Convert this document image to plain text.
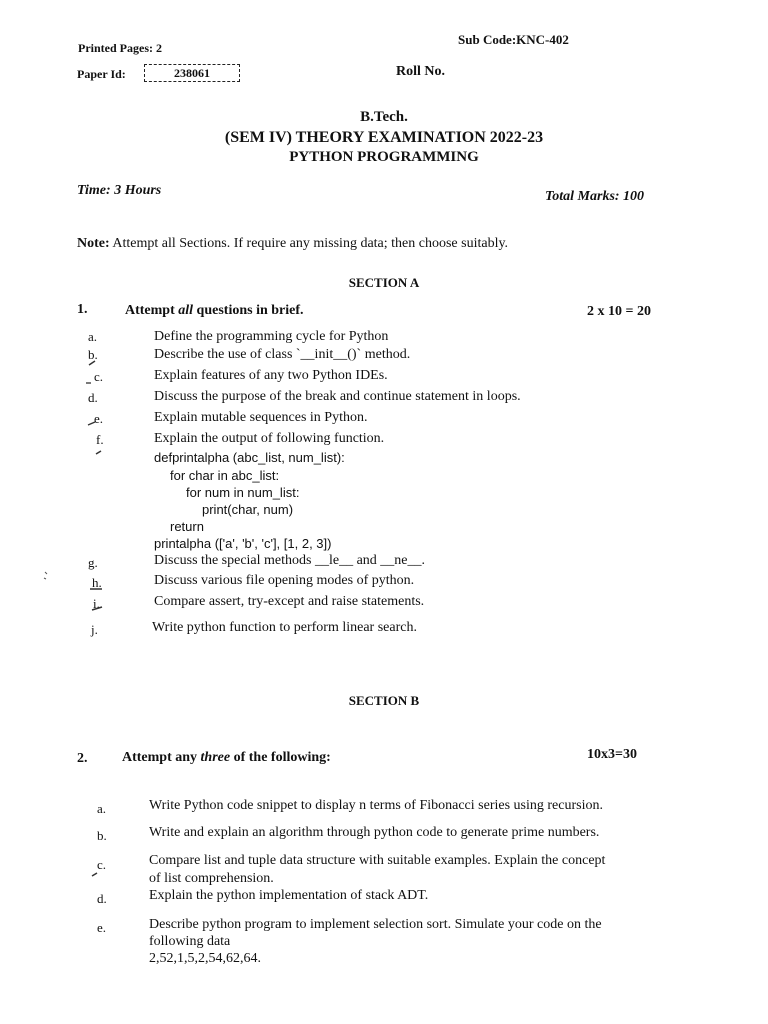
Printed Pages: 2
Sub Code:KNC-402
Paper Id:	238061	Roll No.
B.Tech.
(SEM IV) THEORY EXAMINATION 2022-23
PYTHON PROGRAMMING
Time: 3 Hours	Total Marks: 100
Note: Attempt all Sections. If require any missing data; then choose suitably.
SECTION A
1.	Attempt all questions in brief.	2 x 10 = 20
a.	Define the programming cycle for Python
b.	Describe the use of class `__init__()` method.
c.	Explain features of any two Python IDEs.
d.	Discuss the purpose of the break and continue statement in loops.
e.	Explain mutable sequences in Python.
f.	Explain the output of following function.
defprintalpha (abc_list, num_list):
for char in abc_list:
for num in num_list:
print(char, num)
return
printalpha (['a', 'b', 'c'], [1, 2, 3])
g.	Discuss the special methods __le__ and __ne__.
h.	Discuss various file opening modes of python.
i.	Compare assert, try-except and raise statements.
j.	Write python function to perform linear search.
SECTION B
2. Attempt any three of the following:	10x3=30
a.	Write Python code snippet to display n terms of Fibonacci series using recursion.
b.	Write and explain an algorithm through python code to generate prime numbers.
c.	Compare list and tuple data structure with suitable examples. Explain the concept
of list comprehension.
d.	Explain the python implementation of stack ADT.
e.	Describe python program to implement selection sort. Simulate your code on the
following data
2,52,1,5,2,54,62,64.
